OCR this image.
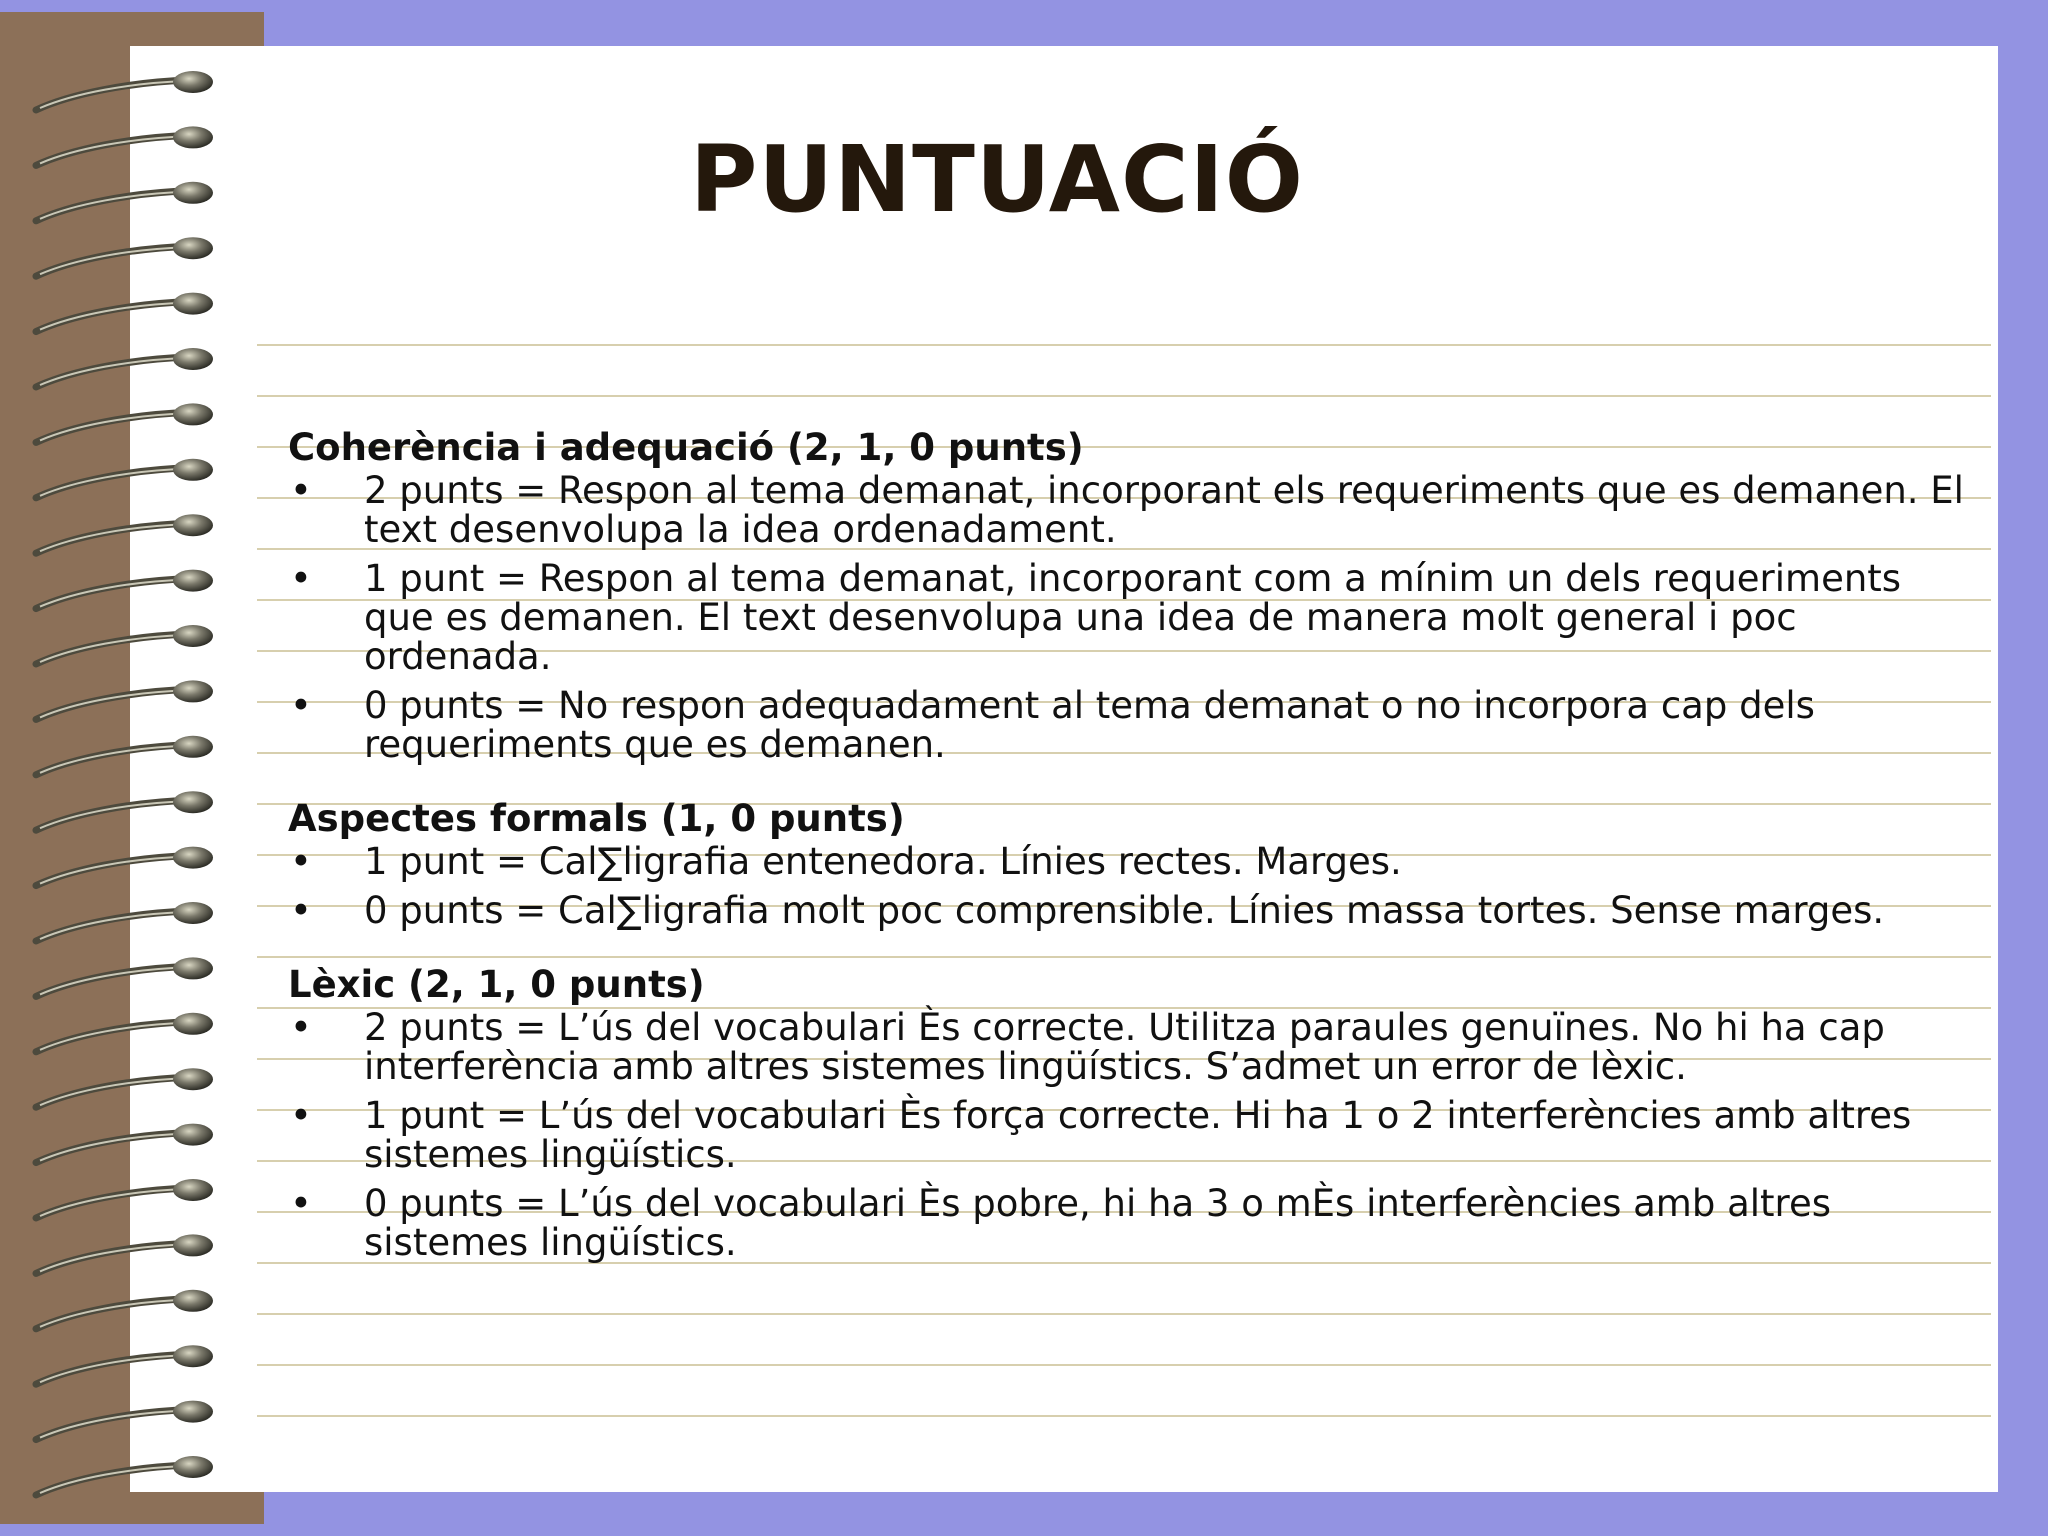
PUNTUACIÓ
Coherència i adequació (2, 1, 0 punts)
• 2 punts = Respon al tema demanat, incorporant els requeriments que es demanen. El text desenvolupa la idea ordenadament.
• 1 punt = Respon al tema demanat, incorporant com a mínim un dels requeriments que es demanen. El text desenvolupa una idea de manera molt general i poc ordenada.
• 0 punts = No respon adequadament al tema demanat o no incorpora cap dels requeriments que es demanen.
Aspectes formals (1, 0 punts)
• 1 punt = Cal∑ligrafia entenedora. Línies rectes. Marges.
• 0 punts = Cal∑ligrafia molt poc comprensible. Línies massa tortes. Sense marges.
Lèxic (2, 1, 0 punts)
• 2 punts = L’ús del vocabulari Ès correcte. Utilitza paraules genuïnes. No hi ha cap interferència amb altres sistemes lingüístics. S’admet un error de lèxic.
• 1 punt = L’ús del vocabulari Ès força correcte. Hi ha 1 o 2 interferències amb altres sistemes lingüístics.
• 0 punts = L’ús del vocabulari Ès pobre, hi ha 3 o mÈs interferències amb altres sistemes lingüístics.
